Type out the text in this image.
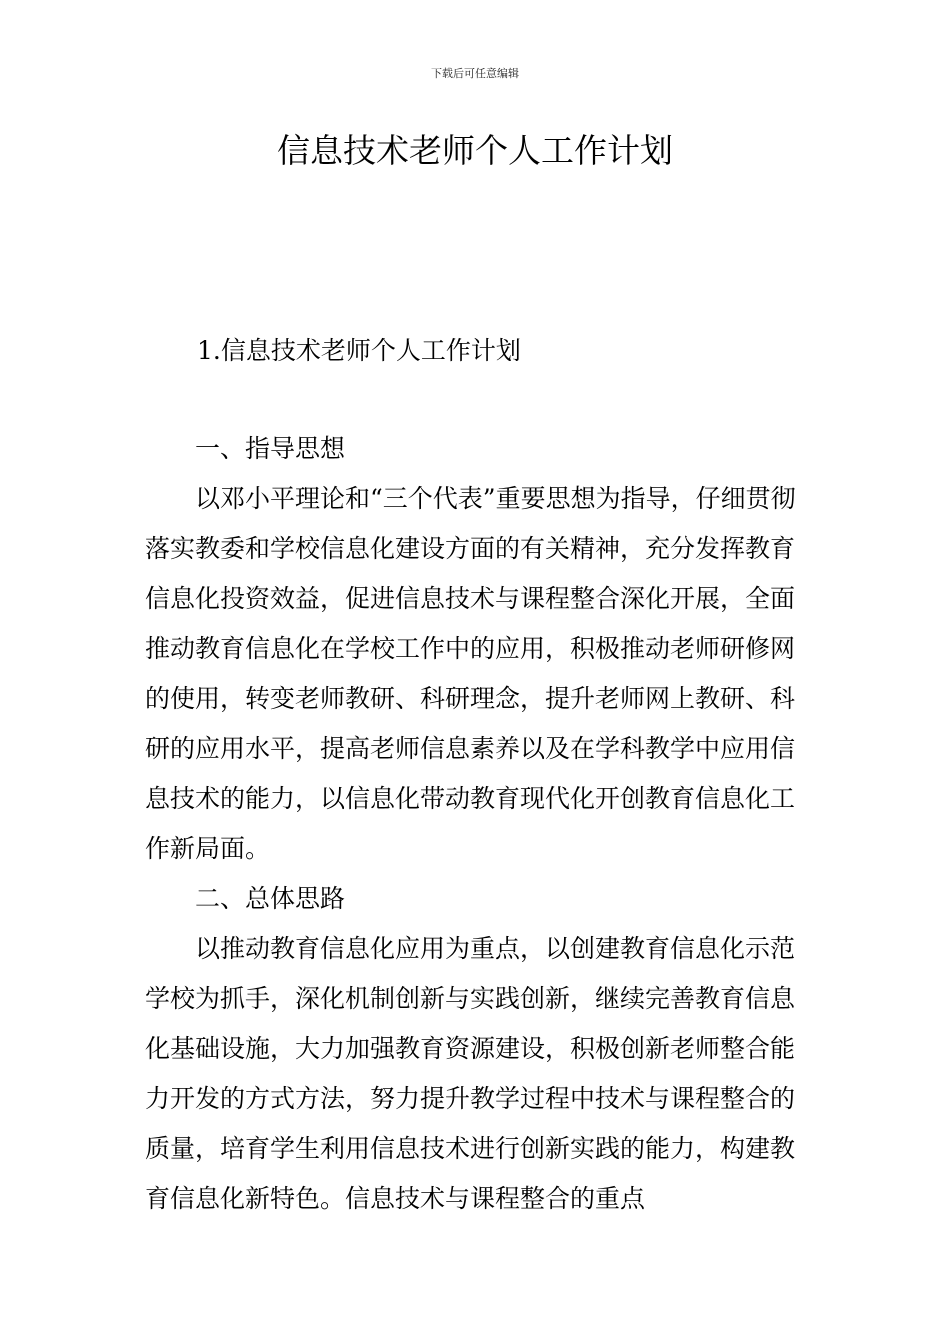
下载后可任意编辑
信息技术老师个人工作计划
1.信息技术老师个人工作计划

一、指导思想

以邓小平理论和“三个代表”重要思想为指导，仔细贯彻落实教委和学校信息化建设方面的有关精神，充分发挥教育信息化投资效益，促进信息技术与课程整合深化开展，全面推动教育信息化在学校工作中的应用，积极推动老师研修网的使用，转变老师教研、科研理念，提升老师网上教研、科研的应用水平，提高老师信息素养以及在学科教学中应用信息技术的能力，以信息化带动教育现代化开创教育信息化工作新局面。

二、总体思路

以推动教育信息化应用为重点，以创建教育信息化示范学校为抓手，深化机制创新与实践创新，继续完善教育信息化基础设施，大力加强教育资源建设，积极创新老师整合能力开发的方式方法，努力提升教学过程中技术与课程整合的质量，培育学生利用信息技术进行创新实践的能力，构建教育信息化新特色。信息技术与课程整合的重点
